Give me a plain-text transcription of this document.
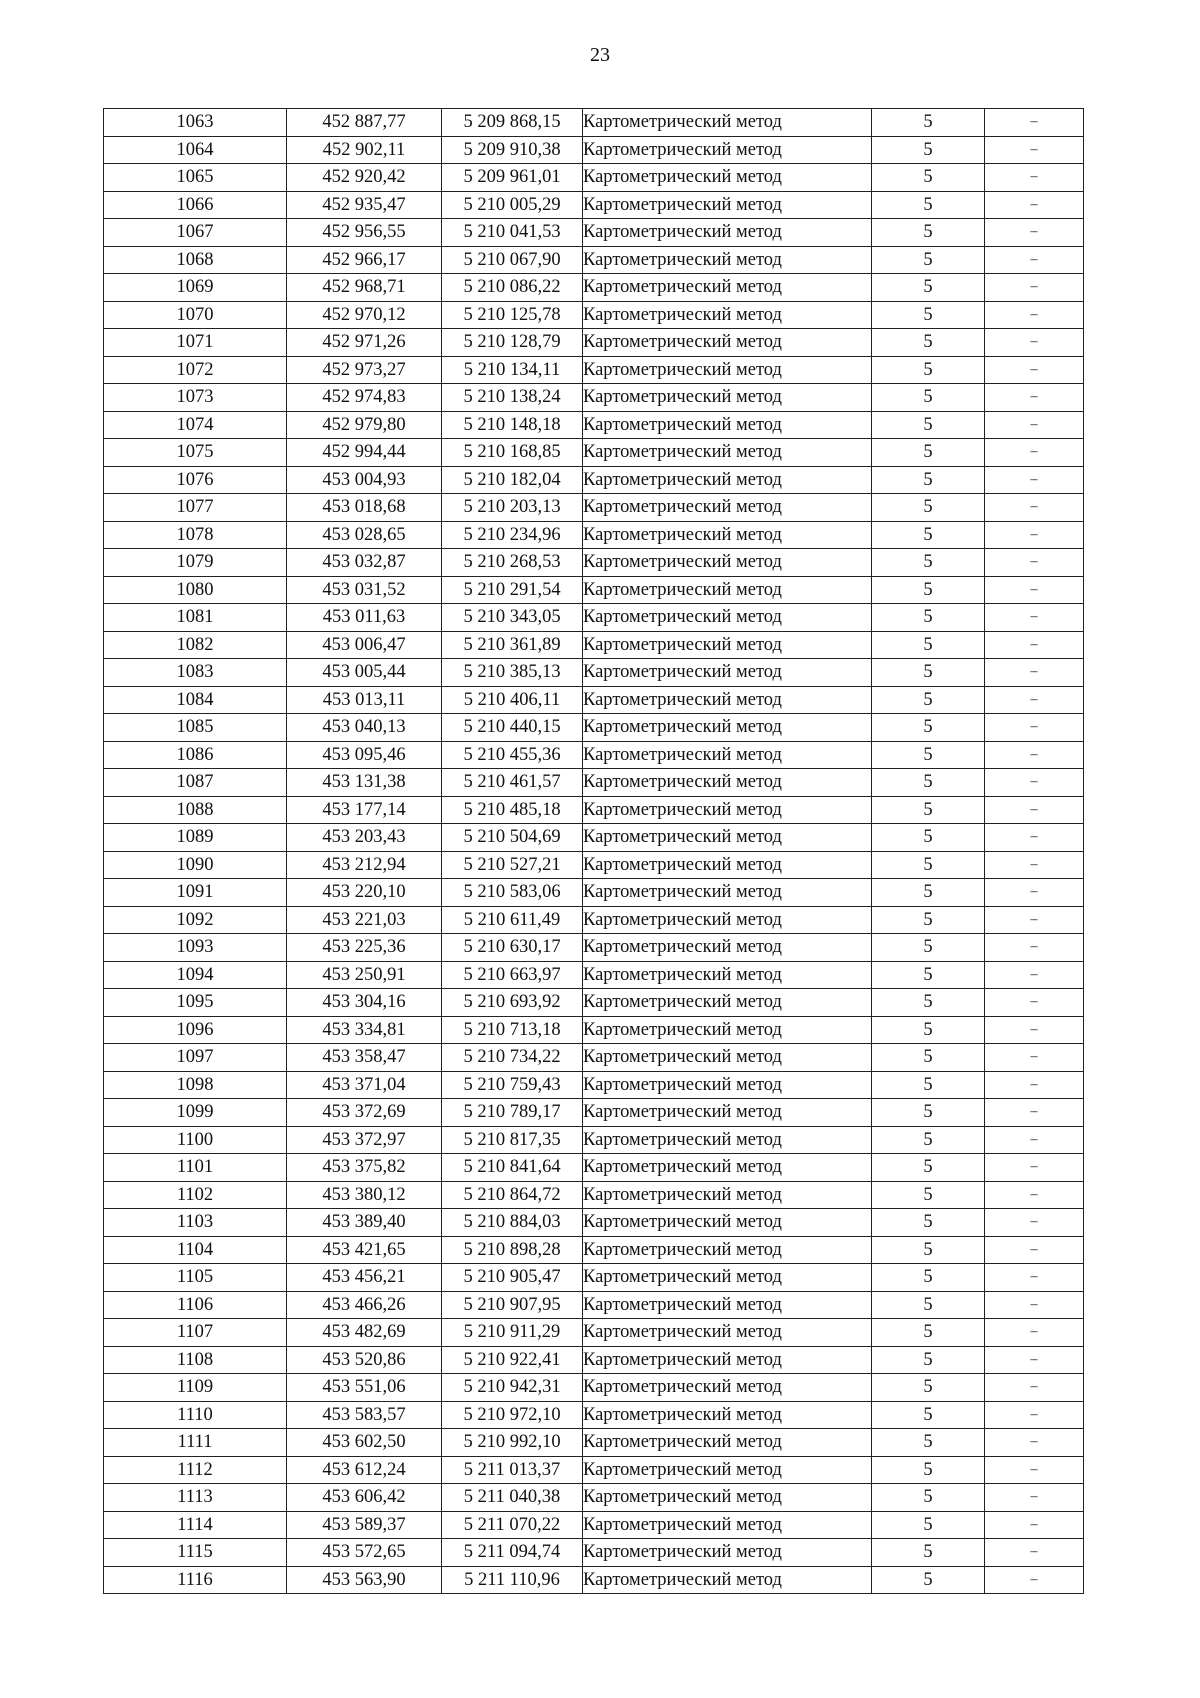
23
1063	452 887,77	5 209 868,15	Картометрический метод	5	–
1064	452 902,11	5 209 910,38	Картометрический метод	5	–
1065	452 920,42	5 209 961,01	Картометрический метод	5	–
1066	452 935,47	5 210 005,29	Картометрический метод	5	–
1067	452 956,55	5 210 041,53	Картометрический метод	5	–
1068	452 966,17	5 210 067,90	Картометрический метод	5	–
1069	452 968,71	5 210 086,22	Картометрический метод	5	–
1070	452 970,12	5 210 125,78	Картометрический метод	5	–
1071	452 971,26	5 210 128,79	Картометрический метод	5	–
1072	452 973,27	5 210 134,11	Картометрический метод	5	–
1073	452 974,83	5 210 138,24	Картометрический метод	5	–
1074	452 979,80	5 210 148,18	Картометрический метод	5	–
1075	452 994,44	5 210 168,85	Картометрический метод	5	–
1076	453 004,93	5 210 182,04	Картометрический метод	5	–
1077	453 018,68	5 210 203,13	Картометрический метод	5	–
1078	453 028,65	5 210 234,96	Картометрический метод	5	–
1079	453 032,87	5 210 268,53	Картометрический метод	5	–
1080	453 031,52	5 210 291,54	Картометрический метод	5	–
1081	453 011,63	5 210 343,05	Картометрический метод	5	–
1082	453 006,47	5 210 361,89	Картометрический метод	5	–
1083	453 005,44	5 210 385,13	Картометрический метод	5	–
1084	453 013,11	5 210 406,11	Картометрический метод	5	–
1085	453 040,13	5 210 440,15	Картометрический метод	5	–
1086	453 095,46	5 210 455,36	Картометрический метод	5	–
1087	453 131,38	5 210 461,57	Картометрический метод	5	–
1088	453 177,14	5 210 485,18	Картометрический метод	5	–
1089	453 203,43	5 210 504,69	Картометрический метод	5	–
1090	453 212,94	5 210 527,21	Картометрический метод	5	–
1091	453 220,10	5 210 583,06	Картометрический метод	5	–
1092	453 221,03	5 210 611,49	Картометрический метод	5	–
1093	453 225,36	5 210 630,17	Картометрический метод	5	–
1094	453 250,91	5 210 663,97	Картометрический метод	5	–
1095	453 304,16	5 210 693,92	Картометрический метод	5	–
1096	453 334,81	5 210 713,18	Картометрический метод	5	–
1097	453 358,47	5 210 734,22	Картометрический метод	5	–
1098	453 371,04	5 210 759,43	Картометрический метод	5	–
1099	453 372,69	5 210 789,17	Картометрический метод	5	–
1100	453 372,97	5 210 817,35	Картометрический метод	5	–
1101	453 375,82	5 210 841,64	Картометрический метод	5	–
1102	453 380,12	5 210 864,72	Картометрический метод	5	–
1103	453 389,40	5 210 884,03	Картометрический метод	5	–
1104	453 421,65	5 210 898,28	Картометрический метод	5	–
1105	453 456,21	5 210 905,47	Картометрический метод	5	–
1106	453 466,26	5 210 907,95	Картометрический метод	5	–
1107	453 482,69	5 210 911,29	Картометрический метод	5	–
1108	453 520,86	5 210 922,41	Картометрический метод	5	–
1109	453 551,06	5 210 942,31	Картометрический метод	5	–
1110	453 583,57	5 210 972,10	Картометрический метод	5	–
1111	453 602,50	5 210 992,10	Картометрический метод	5	–
1112	453 612,24	5 211 013,37	Картометрический метод	5	–
1113	453 606,42	5 211 040,38	Картометрический метод	5	–
1114	453 589,37	5 211 070,22	Картометрический метод	5	–
1115	453 572,65	5 211 094,74	Картометрический метод	5	–
1116	453 563,90	5 211 110,96	Картометрический метод	5	–
